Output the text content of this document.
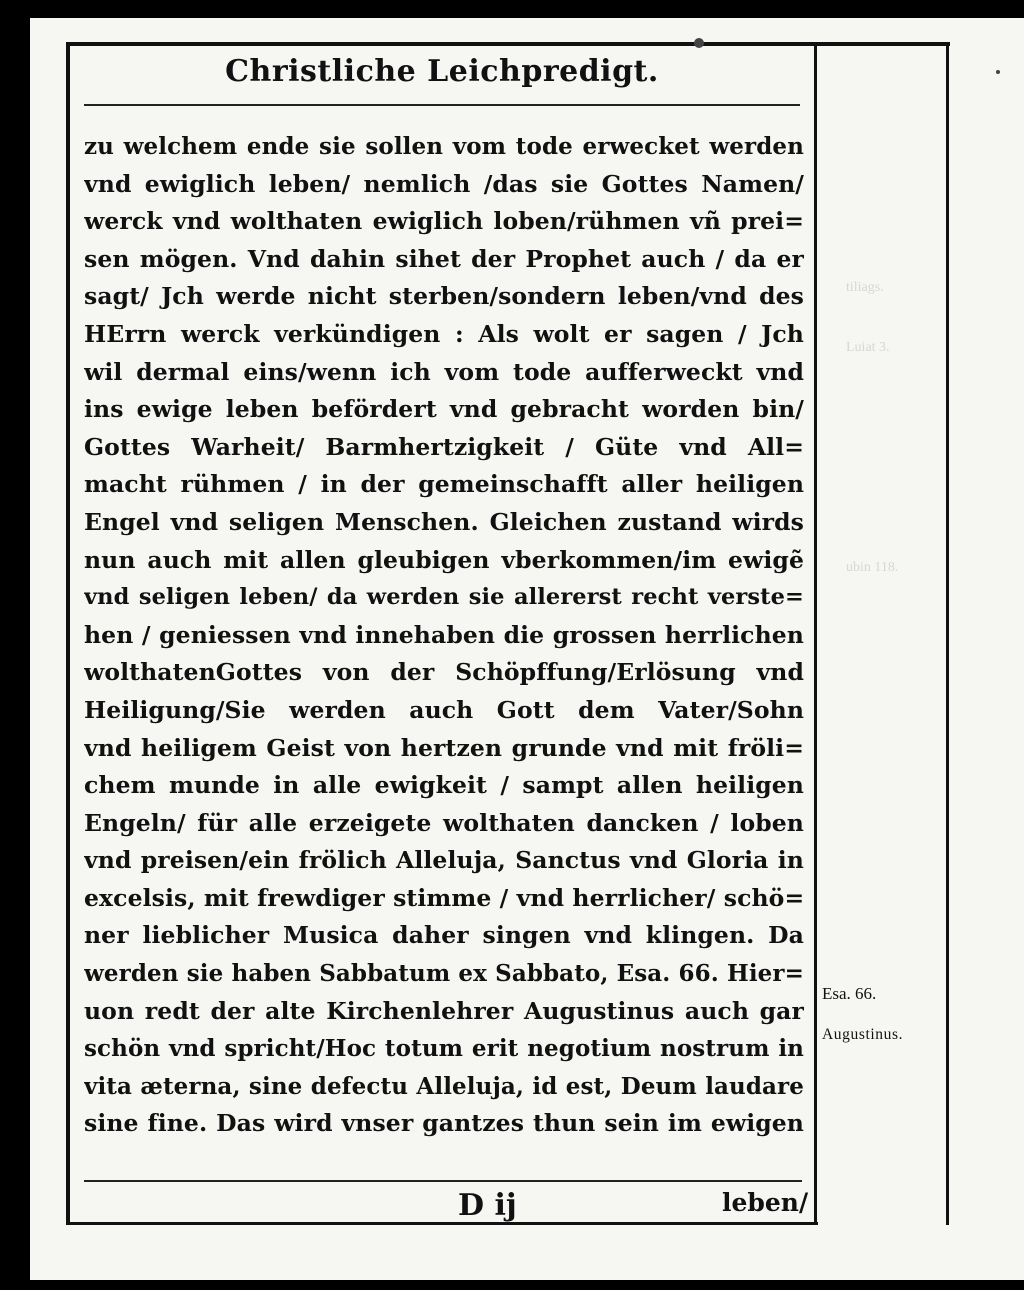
tiliags.
Luiat 3.
ubin 118.
Christliche Leichpredigt.
zu welchem ende sie sollen vom tode erwecket werden
vnd ewiglich leben/ nemlich /das sie Gottes Namen/
werck vnd wolthaten ewiglich loben/rühmen vñ prei=
sen mögen. Vnd dahin sihet der Prophet auch / da er
sagt/ Jch werde nicht sterben/sondern leben/vnd des
HErrn werck verkündigen : Als wolt er sagen / Jch
wil dermal eins/wenn ich vom tode aufferweckt vnd
ins ewige leben befördert vnd gebracht worden bin/
Gottes Warheit/ Barmhertzigkeit / Güte vnd All=
macht rühmen / in der gemeinschafft aller heiligen
Engel vnd seligen Menschen. Gleichen zustand wirds
nun auch mit allen gleubigen vberkommen/im ewigẽ
vnd seligen leben/ da werden sie allererst recht verste=
hen / geniessen vnd innehaben die grossen herrlichen
wolthatenGottes von der Schöpffung/Erlösung vnd
Heiligung/Sie werden auch Gott dem Vater/Sohn
vnd heiligem Geist von hertzen grunde vnd mit fröli=
chem munde in alle ewigkeit / sampt allen heiligen
Engeln/ für alle erzeigete wolthaten dancken / loben
vnd preisen/ein frölich Alleluja, Sanctus vnd Gloria in
excelsis, mit frewdiger stimme / vnd herrlicher/ schö=
ner lieblicher Musica daher singen vnd klingen. Da
werden sie haben Sabbatum ex Sabbato, Esa. 66. Hier=
uon redt der alte Kirchenlehrer Augustinus auch gar
schön vnd spricht/Hoc totum erit negotium nostrum in
vita æterna, sine defectu Alleluja, id est, Deum laudare
sine fine. Das wird vnser gantzes thun sein im ewigen
Esa. 66.
Augustinus.
D ij	leben/
